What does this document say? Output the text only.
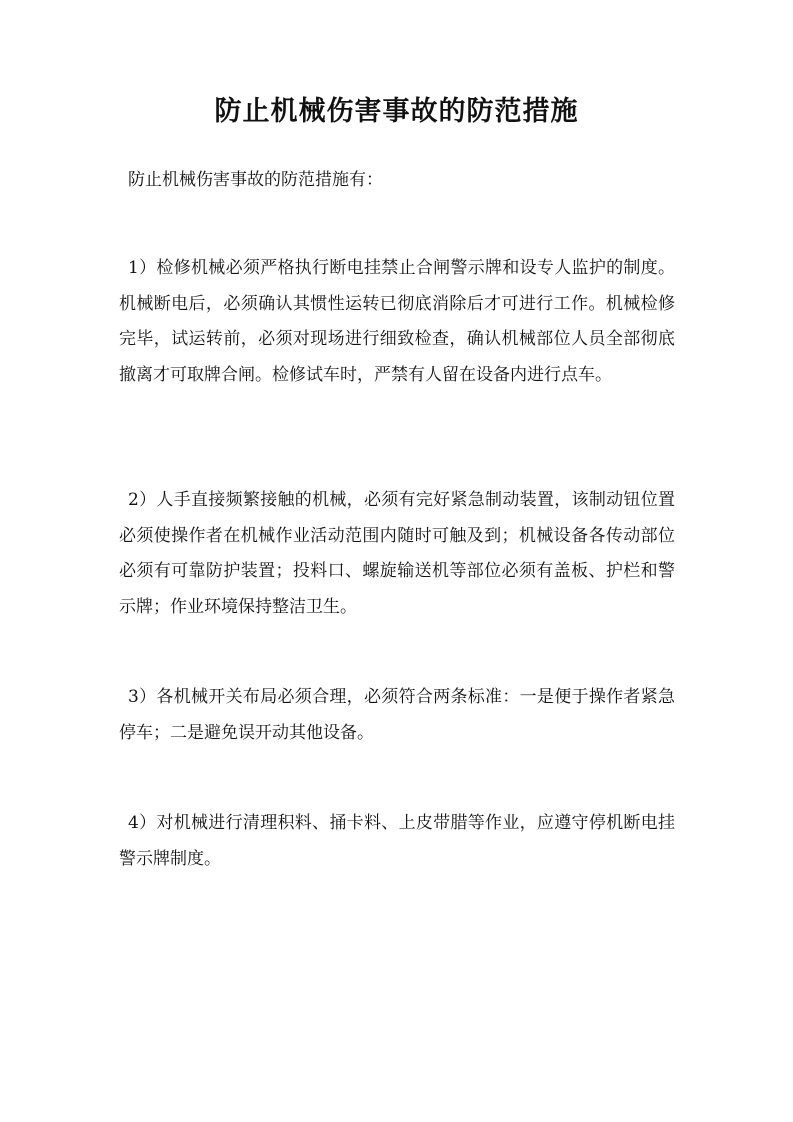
防止机械伤害事故的防范措施

防止机械伤害事故的防范措施有：

1）检修机械必须严格执行断电挂禁止合闸警示牌和设专人监护的制度。机械断电后，必须确认其惯性运转已彻底消除后才可进行工作。机械检修完毕，试运转前，必须对现场进行细致检查，确认机械部位人员全部彻底撤离才可取牌合闸。检修试车时，严禁有人留在设备内进行点车。

2）人手直接频繁接触的机械，必须有完好紧急制动装置，该制动钮位置必须使操作者在机械作业活动范围内随时可触及到；机械设备各传动部位必须有可靠防护装置；投料口、螺旋输送机等部位必须有盖板、护栏和警示牌；作业环境保持整洁卫生。

3）各机械开关布局必须合理，必须符合两条标准：一是便于操作者紧急停车；二是避免误开动其他设备。

4）对机械进行清理积料、捅卡料、上皮带腊等作业，应遵守停机断电挂警示牌制度。
